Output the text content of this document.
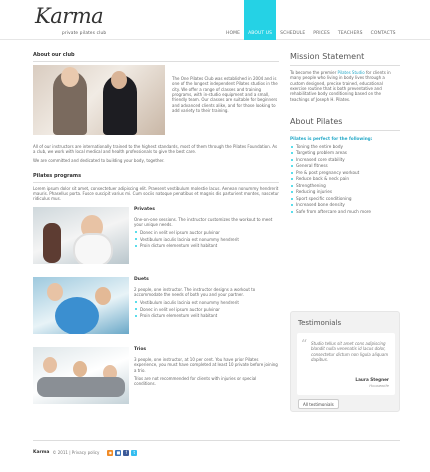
Karma
private pilates club	HOME	ABOUT US	SCHEDULE	PRICES	TEACHERS	CONTACTS
About our club
The One Pilates Club was established in 2004 and is one of the longest independent Pilates studios in the city. We offer a range of classes and training programs, with in-studio equipment and a small, friendly team. Our classes are suitable for beginners and advanced clients alike, and for those looking to add variety to their training.
All of our instructors are internationally trained to the highest standards, most of them through the Pilates Foundation. As a club, we work with local medical and health professionals to give the best care.
We are committed and dedicated to building your body, together.
Pilates programs
Lorem ipsum dolor sit amet, consectetuer adipiscing elit. Praesent vestibulum molestie lacus. Aenean nonummy hendrerit mauris. Phasellus porta. Fusce suscipit varius mi. Cum sociis natoque penatibus et magnis dis parturient montes, nascetur ridiculus mus.
Privates
One-on-one sessions. The instructor customizes the workout to meet your unique needs.
Donec in velit vel ipsum auctor pulvinar
Vestibulum iaculis lacinia est nonummy hendrerit
Proin dictum elementum velit habitant
Duets
2 people, one instructor. The instructor designs a workout to accommodate the needs of both you and your partner.
Vestibulum iaculis lacinia est nonummy hendrerit
Donec in velit vel ipsum auctor pulvinar
Proin dictum elementum velit habitant
Trios
3 people, one instructor, at 10 per cent. You have prior Pilates experience, you must have completed at least 10 private before joining a trio.
Trios are not recommended for clients with injuries or special conditions.
Mission Statement
To become the premier Pilates Studio for clients in many people who living in body lives through a custom designed, precise trained, educational exercise routine that is both preventative and rehabilitative body conditioning based on the teachings of Joseph H. Pilates.
About Pilates
Pilates is perfect for the following:
Toning the entire body
Targeting problem areas
Increased core stability
General fitness
Pre & post pregnancy workout
Reduce back & neck pain
Strengthening
Reducing injuries
Sport specific conditioning
Increased bone density
Safe from aftercare and much more
Testimonials
“ Studio tellus sit amet cons adipiscing blandit nulla venenatis id lacus dolor, consectetur dictum non ligula aliquam dapibus.
Laura Stegner
Housewife
All testimonials
Karma © 2011 | Privacy policy	◉	■	f	t
